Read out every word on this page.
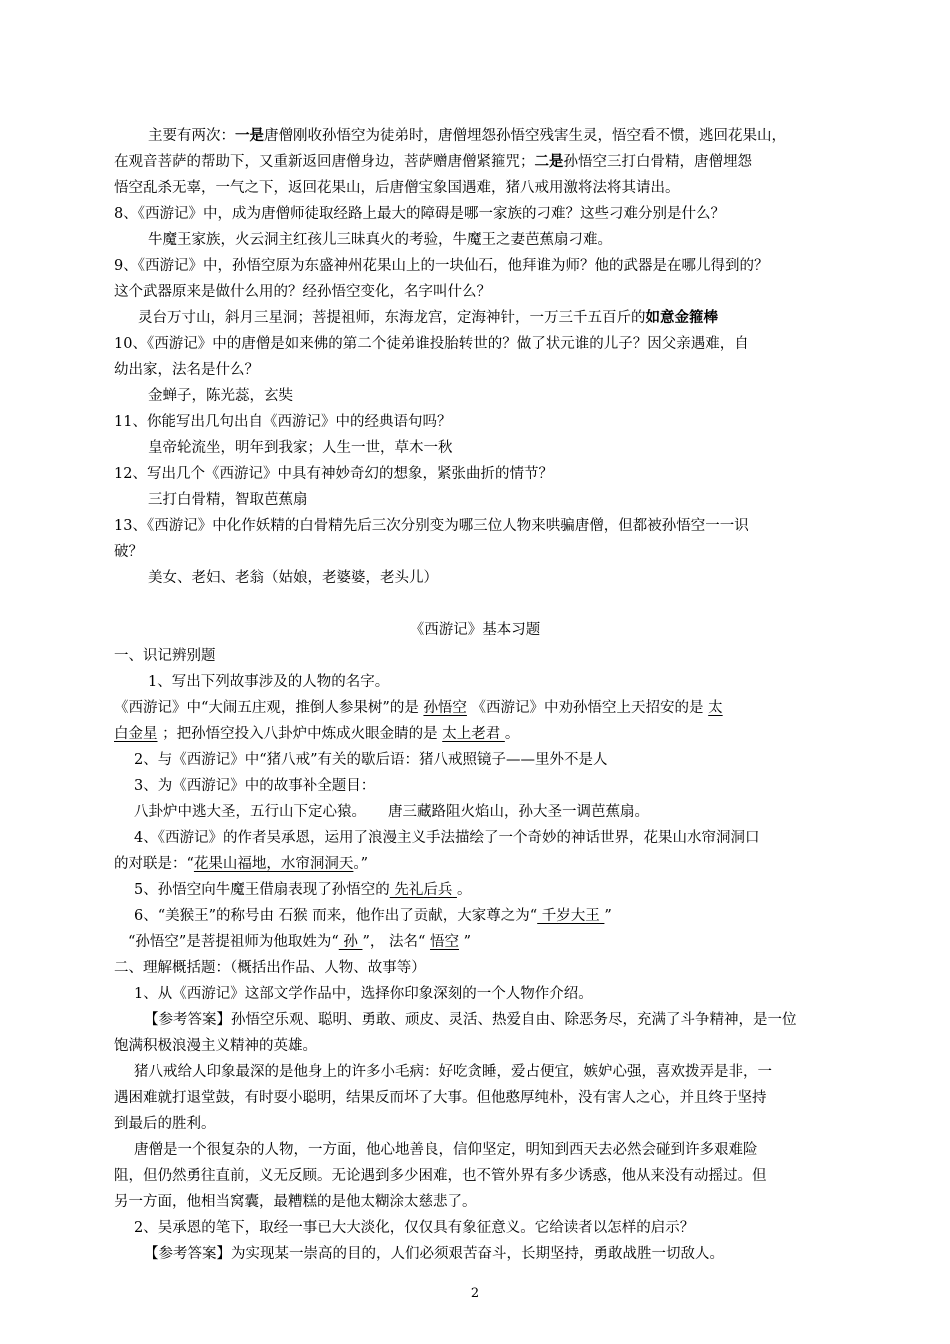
主要有两次：一是唐僧刚收孙悟空为徒弟时，唐僧埋怨孙悟空残害生灵，悟空看不惯，逃回花果山，
在观音菩萨的帮助下，又重新返回唐僧身边，菩萨赠唐僧紧箍咒；二是孙悟空三打白骨精，唐僧埋怨
悟空乱杀无辜，一气之下，返回花果山，后唐僧宝象国遇难，猪八戒用激将法将其请出。
8、《西游记》中，成为唐僧师徒取经路上最大的障碍是哪一家族的刁难？这些刁难分别是什么？
牛魔王家族，火云洞主红孩儿三昧真火的考验，牛魔王之妻芭蕉扇刁难。
9、《西游记》中，孙悟空原为东盛神州花果山上的一块仙石，他拜谁为师？他的武器是在哪儿得到的？
这个武器原来是做什么用的？经孙悟空变化，名字叫什么？
灵台万寸山，斜月三星洞；菩提祖师，东海龙宫，定海神针，一万三千五百斤的如意金箍棒
10、《西游记》中的唐僧是如来佛的第二个徒弟谁投胎转世的？做了状元谁的儿子？因父亲遇难，自
幼出家，法名是什么？
金蝉子，陈光蕊，玄奘
11、你能写出几句出自《西游记》中的经典语句吗？
皇帝轮流坐，明年到我家；人生一世，草木一秋
12、写出几个《西游记》中具有神妙奇幻的想象，紧张曲折的情节？
三打白骨精，智取芭蕉扇
13、《西游记》中化作妖精的白骨精先后三次分别变为哪三位人物来哄骗唐僧，但都被孙悟空一一识
破？
美女、老妇、老翁（姑娘，老婆婆，老头儿）
《西游记》基本习题
一、识记辨别题
1、写出下列故事涉及的人物的名字。
《西游记》中“大闹五庄观，推倒人参果树”的是 孙悟空 《西游记》中劝孙悟空上天招安的是 太
白金星 ；把孙悟空投入八卦炉中炼成火眼金睛的是 太上老君 。
2、与《西游记》中“猪八戒”有关的歇后语：猪八戒照镜子——里外不是人
3、为《西游记》中的故事补全题目：
八卦炉中逃大圣，五行山下定心猿。 唐三藏路阻火焰山，孙大圣一调芭蕉扇。
4、《西游记》的作者吴承恩，运用了浪漫主义手法描绘了一个奇妙的神话世界，花果山水帘洞洞口
的对联是：“花果山福地，水帘洞洞天。”
5、孙悟空向牛魔王借扇表现了孙悟空的 先礼后兵 。
6、“美猴王”的称号由 石猴 而来，他作出了贡献，大家尊之为“ 千岁大王 ”
“孙悟空”是菩提祖师为他取姓为“ 孙 ”， 法名“ 悟空 ”
二、理解概括题：（概括出作品、人物、故事等）
1、从《西游记》这部文学作品中，选择你印象深刻的一个人物作介绍。
【参考答案】孙悟空乐观、聪明、勇敢、顽皮、灵活、热爱自由、除恶务尽，充满了斗争精神，是一位
饱满积极浪漫主义精神的英雄。
猪八戒给人印象最深的是他身上的许多小毛病：好吃贪睡，爱占便宜，嫉妒心强，喜欢拨弄是非，一
遇困难就打退堂鼓，有时耍小聪明，结果反而坏了大事。但他憨厚纯朴，没有害人之心，并且终于坚持
到最后的胜利。
唐僧是一个很复杂的人物，一方面，他心地善良，信仰坚定，明知到西天去必然会碰到许多艰难险
阻，但仍然勇往直前，义无反顾。无论遇到多少困难，也不管外界有多少诱惑，他从来没有动摇过。但
另一方面，他相当窝囊，最糟糕的是他太糊涂太慈悲了。
2、吴承恩的笔下，取经一事已大大淡化，仅仅具有象征意义。它给读者以怎样的启示？
【参考答案】为实现某一崇高的目的，人们必须艰苦奋斗，长期坚持，勇敢战胜一切敌人。
2
